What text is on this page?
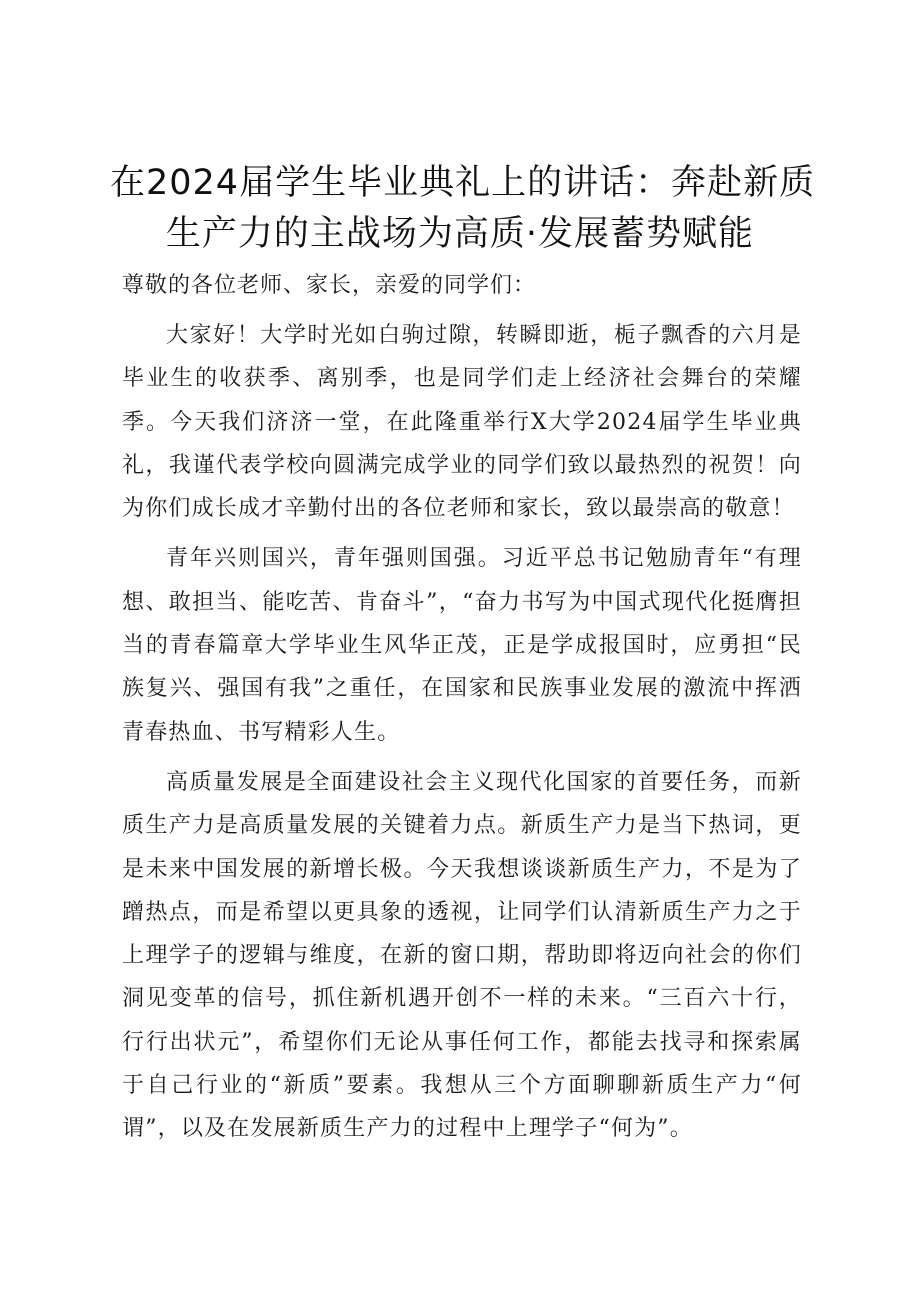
在2024届学生毕业典礼上的讲话：奔赴新质
生产力的主战场为高质·发展蓄势赋能

尊敬的各位老师、家长，亲爱的同学们：

大家好！大学时光如白驹过隙，转瞬即逝，栀子飘香的六月是毕业生的收获季、离别季，也是同学们走上经济社会舞台的荣耀季。今天我们济济一堂，在此隆重举行X大学2024届学生毕业典礼，我谨代表学校向圆满完成学业的同学们致以最热烈的祝贺！向为你们成长成才辛勤付出的各位老师和家长，致以最崇高的敬意！

青年兴则国兴，青年强则国强。习近平总书记勉励青年“有理想、敢担当、能吃苦、肯奋斗”，“奋力书写为中国式现代化挺膺担当的青春篇章大学毕业生风华正茂，正是学成报国时，应勇担“民族复兴、强国有我”之重任，在国家和民族事业发展的激流中挥洒青春热血、书写精彩人生。

高质量发展是全面建设社会主义现代化国家的首要任务，而新质生产力是高质量发展的关键着力点。新质生产力是当下热词，更是未来中国发展的新增长极。今天我想谈谈新质生产力，不是为了蹭热点，而是希望以更具象的透视，让同学们认清新质生产力之于上理学子的逻辑与维度，在新的窗口期，帮助即将迈向社会的你们洞见变革的信号，抓住新机遇开创不一样的未来。“三百六十行，行行出状元”，希望你们无论从事任何工作，都能去找寻和探索属于自己行业的“新质”要素。我想从三个方面聊聊新质生产力“何谓”，以及在发展新质生产力的过程中上理学子“何为”。
